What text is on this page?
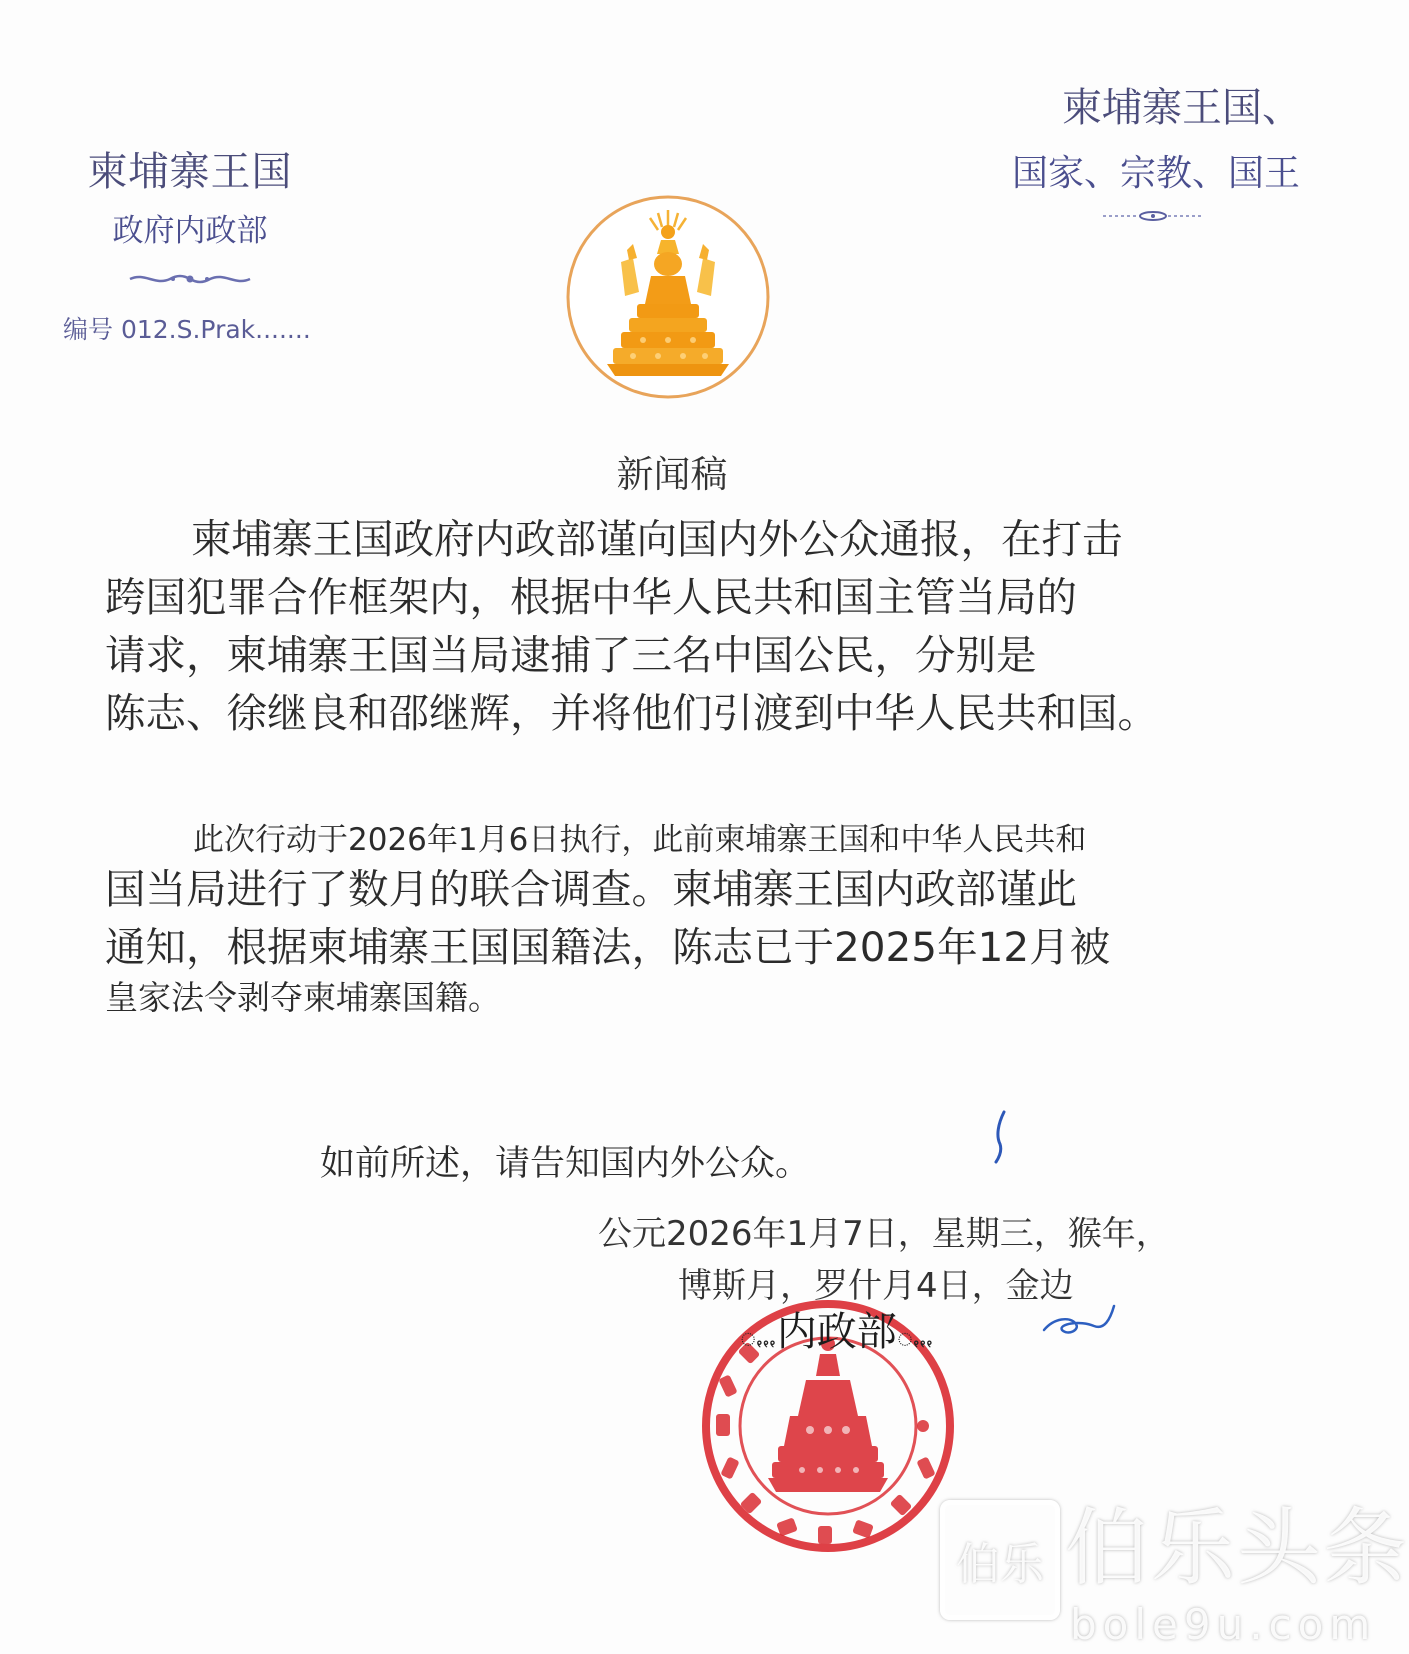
柬埔寨王国
政府内政部
编号 012.S.Prak.......
柬埔寨王国、
国家、宗教、国王
新闻稿
柬埔寨王国政府内政部谨向国内外公众通报，在打击
跨国犯罪合作框架内，根据中华人民共和国主管当局的
请求，柬埔寨王国当局逮捕了三名中国公民，分别是
陈志、徐继良和邵继辉，并将他们引渡到中华人民共和国。
此次行动于2026年1月6日执行，此前柬埔寨王国和中华人民共和
国当局进行了数月的联合调查。柬埔寨王国内政部谨此
通知，根据柬埔寨王国国籍法，陈志已于2025年12月被
皇家法令剥夺柬埔寨国籍。
如前所述，请告知国内外公众。
公元2026年1月7日，星期三，猴年，
博斯月，罗什月4日，金边
ꩻꩻꩻ内政部ꩻꩻꩻ
伯乐 伯乐头条
bole9u.com
